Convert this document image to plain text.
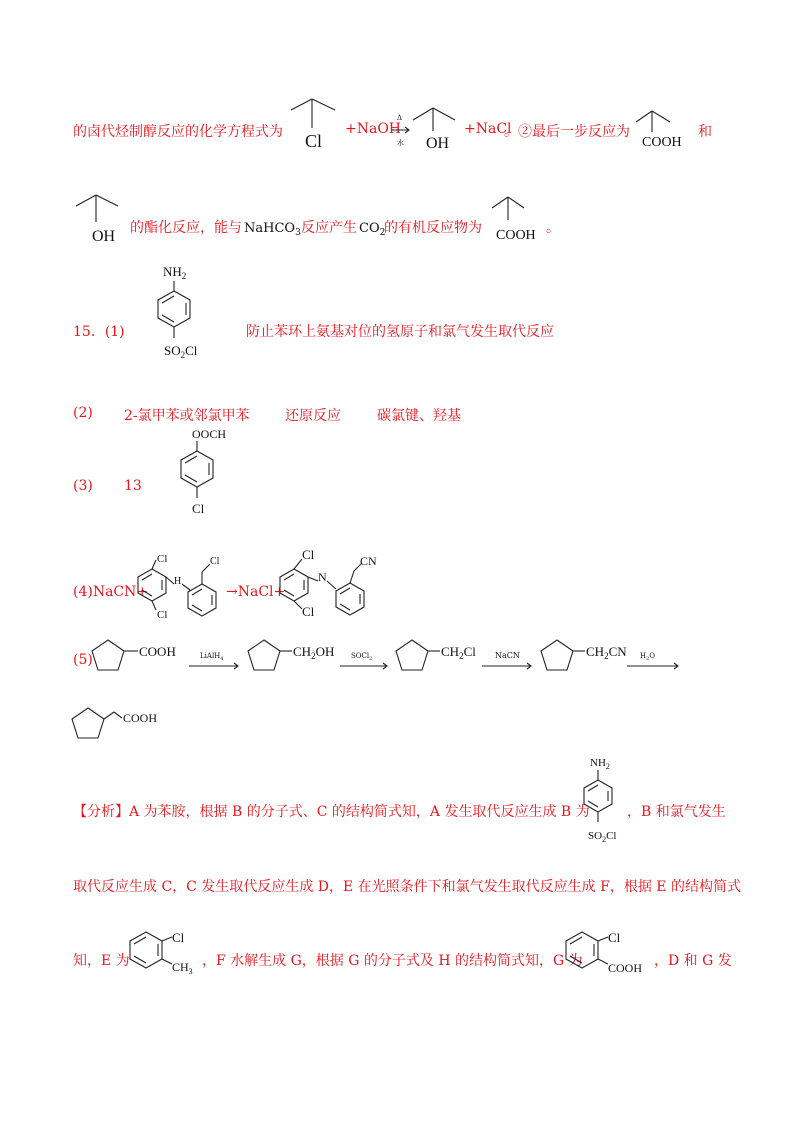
的卤代烃制醇反应的化学方程式为 Cl
+NaOH
Δ
水 OH
+NaCl
。②最后一步反应为
COOH
和
OH 的酯化反应，能与 NaHCO$_3$ 反应产生 $CO_2$
的有机反应物为 COOH 。
15．(1)
$NH_2$
$SO_2Cl$
防止苯环上氨基对位的氢原子和氯气发生取代反应
(2) 2-氯甲苯或邻氯甲苯	还原反应	碳氯键、羟基
(3) 13
OOCH
Cl
(4)NaCN+
Cl
Cl
H
Cl
→NaCl+
Cl
Cl
N
CN
(5)
COOH	LiAlH$_4$	$CH_2OH$ SOCl$_2$	$CH_2Cl$ NaCN	$CH_2CN$ $H_2O$
COOH
【分析】A 为苯胺，根据 B 的分子式、C 的结构简式知，A 发生取代反应生成 B 为
$NH_2$
$SO_2Cl$
，B 和氯气发生
取代反应生成 C，C 发生取代反应生成 D，E 在光照条件下和氯气发生取代反应生成 F，根据 E 的结构简式
知，E 为
Cl
$CH_3$
，F 水解生成 G，根据 G 的分子式及 H 的结构简式知，G 为
Cl
COOH ，D 和 G 发
